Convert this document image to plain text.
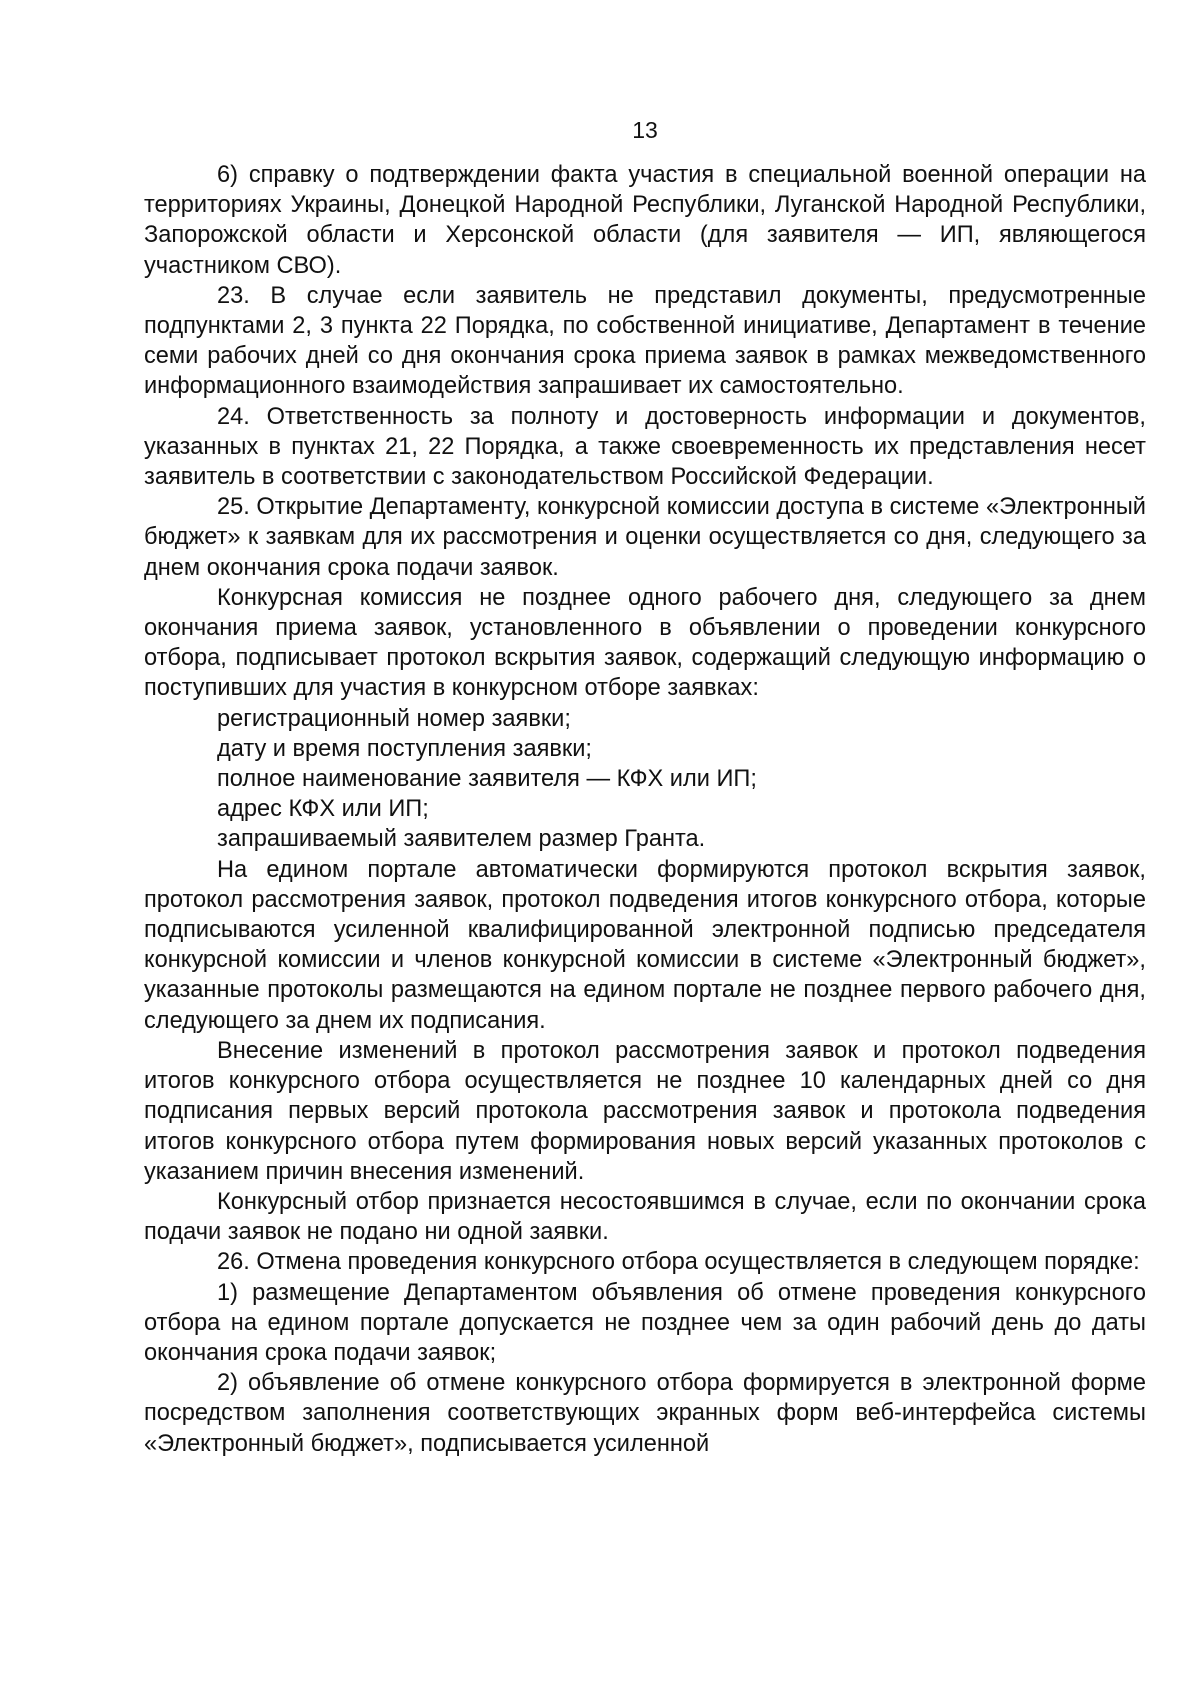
13

6) справку о подтверждении факта участия в специальной военной операции на территориях Украины, Донецкой Народной Республики, Луганской Народной Республики, Запорожской области и Херсонской области (для заявителя — ИП, являющегося участником СВО).

23. В случае если заявитель не представил документы, предусмотренные подпунктами 2, 3 пункта 22 Порядка, по собственной инициативе, Департамент в течение семи рабочих дней со дня окончания срока приема заявок в рамках межведомственного информационного взаимодействия запрашивает их самостоятельно.

24. Ответственность за полноту и достоверность информации и документов, указанных в пунктах 21, 22 Порядка, а также своевременность их представления несет заявитель в соответствии с законодательством Российской Федерации.

25. Открытие Департаменту, конкурсной комиссии доступа в системе «Электронный бюджет» к заявкам для их рассмотрения и оценки осуществляется со дня, следующего за днем окончания срока подачи заявок.

Конкурсная комиссия не позднее одного рабочего дня, следующего за днем окончания приема заявок, установленного в объявлении о проведении конкурсного отбора, подписывает протокол вскрытия заявок, содержащий следующую информацию о поступивших для участия в конкурсном отборе заявках:

регистрационный номер заявки;

дату и время поступления заявки;

полное наименование заявителя — КФХ или ИП;

адрес КФХ или ИП;

запрашиваемый заявителем размер Гранта.

На едином портале автоматически формируются протокол вскрытия заявок, протокол рассмотрения заявок, протокол подведения итогов конкурсного отбора, которые подписываются усиленной квалифицированной электронной подписью председателя конкурсной комиссии и членов конкурсной комиссии в системе «Электронный бюджет», указанные протоколы размещаются на едином портале не позднее первого рабочего дня, следующего за днем их подписания.

Внесение изменений в протокол рассмотрения заявок и протокол подведения итогов конкурсного отбора осуществляется не позднее 10 календарных дней со дня подписания первых версий протокола рассмотрения заявок и протокола подведения итогов конкурсного отбора путем формирования новых версий указанных протоколов с указанием причин внесения изменений.

Конкурсный отбор признается несостоявшимся в случае, если по окончании срока подачи заявок не подано ни одной заявки.

26. Отмена проведения конкурсного отбора осуществляется в следующем порядке:

1) размещение Департаментом объявления об отмене проведения конкурсного отбора на едином портале допускается не позднее чем за один рабочий день до даты окончания срока подачи заявок;

2) объявление об отмене конкурсного отбора формируется в электронной форме посредством заполнения соответствующих экранных форм веб-интерфейса системы «Электронный бюджет», подписывается усиленной
